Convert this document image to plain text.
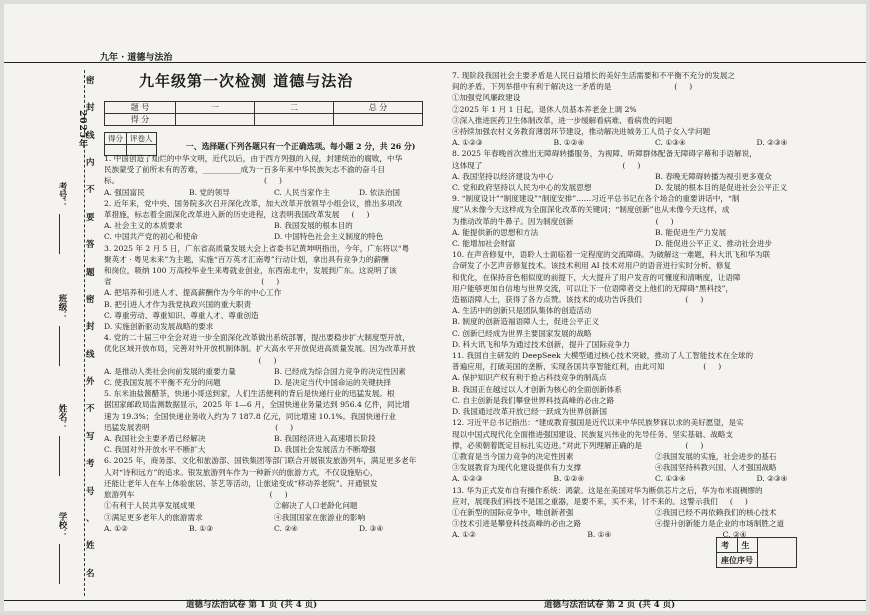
九年 · 道德与法治
2025年
密
封
线
内
不
要
答
题
密
封
线
外
不
写
考
号
、
姓
名
考号：
班级：
姓名：
学校：
九年级第一次检测 道德与法治
题 号	一	二	总 分
得 分			
得分	评卷人

一、选择题(下列各题只有一个正确选项。每小题 2 分，共 26 分)

1. 中国创造了灿烂的中华文明，近代以后，由于西方列强的入侵，封建统治的腐败，中华

民族蒙受了前所未有的苦难，__________成为一百多年来中华民族矢志不渝的奋斗目

标。                                                            (     )

A. 强国富民	B. 党的领导	C. 人民当家作主	D. 依法治国

2. 近年来，党中央、国务院多次召开深化改革，加大改革开放领导小组会议，推出多项改

革措施，标志着全面深化改革进入新的历史进程，这表明我国改革发展     (     )

A. 社会主义的本质要求	B. 我国发展的根本目的
C. 中国共产党的初心和使命	D. 中国特色社会主义制度的特色

3. 2025 年 2 月 5 日，广东省高质量发展大会上省委书记黄坤明指出，今年，广东将以“粤

聚英才 · 粤见未来”为主题，实施“百万英才汇南粤”行动计划，拿出具有竞争力的薪酬

和岗位，吸纳 100 万高校毕业生来粤就业创业，东西南北中，发展到广东。这说明了该

省                                                              (     )

A. 把培养和引进人才、提高薪酬作为今年的中心工作
B. 把引进人才作为我党执政兴国的重大职责
C. 尊重劳动、尊重知识、尊重人才、尊重创造
D. 实施创新驱动发展战略的要求

4. 党的二十届三中全会对进一步全面深化改革做出系统部署，提出要稳步扩大制度型开放，

优化区域开放布局，完善对外开放机制体制。扩大高水平开放促进高质量发展。因为改革开放

(     )

A. 是推动人类社会向前发展的重要力量	B. 已经成为综合国力竞争的决定性因素
C. 使我国发展不平衡不充分的问题	D. 是决定当代中国命运的关键抉择

5. 东米油盐酱醋茶，快递小哥送到家，人们生活便利的背后是快递行业的迅猛发展。根

据国家邮政局监测数据显示，2025 年 1—6 月，全国快递业务量达到 956.4 亿件，同比增

速为 19.3%；全国快递业务收入约为 7 187.8 亿元，同比增速 10.1%。我国快递行业

迅猛发展表明                                                    (     )

A. 我国社会主要矛盾已经解决	B. 我国经济进入高速增长阶段
C. 我国对外开放水平不断扩大	D. 我国社会发展活力不断增强

6. 2025 年，商务部、文化和旅游部、国铁集团等部门联合开展银发旅游列车，满足更多老年

人对“诗和远方”的追求。银发旅游列车作为一种新兴的旅游方式，不仅设施贴心，

还能让老年人在车上体验旅居、茶艺等活动，让旅途变成“移动养老院”。开通银发

旅游列车                                                        (     )

①有利于人民共享发展成果	②解决了人口老龄化问题
③满足更多老年人的旅游需求	④我国国家在旅游业的影响
A. ①②	B. ①③	C. ②④	D. ③④

7. 现阶段我国社会主要矛盾是人民日益增长的美好生活需要和不平衡不充分的发展之

间的矛盾。下列举措中有利于解决这一矛盾的是                          (     )

①加强党风廉政建设

②2025 年 1 月 1 日起，退休人员基本养老金上调 2%

③深入推进医药卫生体制改革，进一步缓解看病难、看病贵的问题

④持续加强农村义务教育薄弱环节建设，推动解决进城务工人员子女入学问题

A. ①②③	B. ①②④	C. ①③④	D. ②③④

8. 2025 年春晚首次推出无障碍转播服务，为视障、听障群体配备无障碍字幕和手语解说，

这体现了                                                          (     )

A. 我国坚持以经济建设为中心	B. 春晚无障碍转播为视引更多观众
C. 党和政府坚持以人民为中心的发展思想	D. 发展的根本目的是促进社会公平正义

9. “制度设计”“制度建设”“制度安排”……习近平总书记在各个场合的重要讲话中，“制

度”从未像今天这样成为全面深化改革的关键词；“制度创新”也从未像今天这样，成

为推动改革的牛鼻子。因为制度创新                                  (     )

A. 能提供新的思想和方法	B. 能促进生产力发展
C. 能增加社会财富	D. 能促进公平正义、推动社会进步

10. 在声音修复中，语聆人士面临着一定程度的交流障碍。为破解这一难题，科大讯飞和华为联

合研发了小艺声音修复技术。该技术利用 AI 技术对用户的语音进行实时分析、修复

和优化，在保持音色相似度的前提下，大大提升了用户发音的可懂度和清晰度，让语障

用户能够更加自信地与世界交流，可以让下一位语障者交上他们的无障碍“黑科技”，

造福语障人士，获得了各方点赞。该技术的成功告诉我们                  (     )

A. 生活中的创新只是团队集体的创造活动
B. 制度的创新造福语障人士，促进公平正义
C. 创新已经成为世界主要国家发展的战略
D. 科大讯飞和华为通过技术创新，提升了国际竞争力

11. 我国自主研发的 DeepSeek 大模型通过核心技术突破，推动了人工智能技术在全球的

普遍应用，打破美国的垄断，实现各国共享智能红利，由此可知                (     )

A. 保护知识产权有利于抢占科技竞争的制高点
B. 我国正在越过以人才创新为核心的全面创新体系
C. 自主创新是我们攀登世界科技高峰的必由之路
D. 我国通过改革开放已经一跃成为世界创新国

12. 习近平总书记指出：“建成教育强国是近代以来中华民族梦寐以求的美好愿望，是实

现以中国式现代化全面推进强国建设、民族复兴伟业的先导任务、坚实基础、战略支

撑，必须朝着既定目标扎实迈进。”对此下列理解正确的是                  (     )

①教育是当今国力竞争的决定性因素	②我国发展的实施，社会进步的基石
③发展教育为现代化建设提供有力支撑	④我国坚持科教兴国、人才强国战略
A. ①②③	B. ①②④	C. ①③④	D. ②③④

13. 华为正式发布自有操作系统：鸿蒙。这是在美国对华为断供芯片之后，华为布米雨稠缪的

应对，展现我们科技不是国之重器，是要不来，买不来，讨不来的。这警示我们     (     )

①在新型的国际竞争中，唯创新者强	②我国已经不再依赖我们的核心技术
③技术引进是攀登科技高峰的必由之路	④提升创新能力是企业的市场制胜之道
A. ①②	B. ①④	C. ②④
道德与法治试卷 第 1 页 (共 4 页)	道德与法治试卷 第 2 页 (共 4 页)
考	生	
座位序号
